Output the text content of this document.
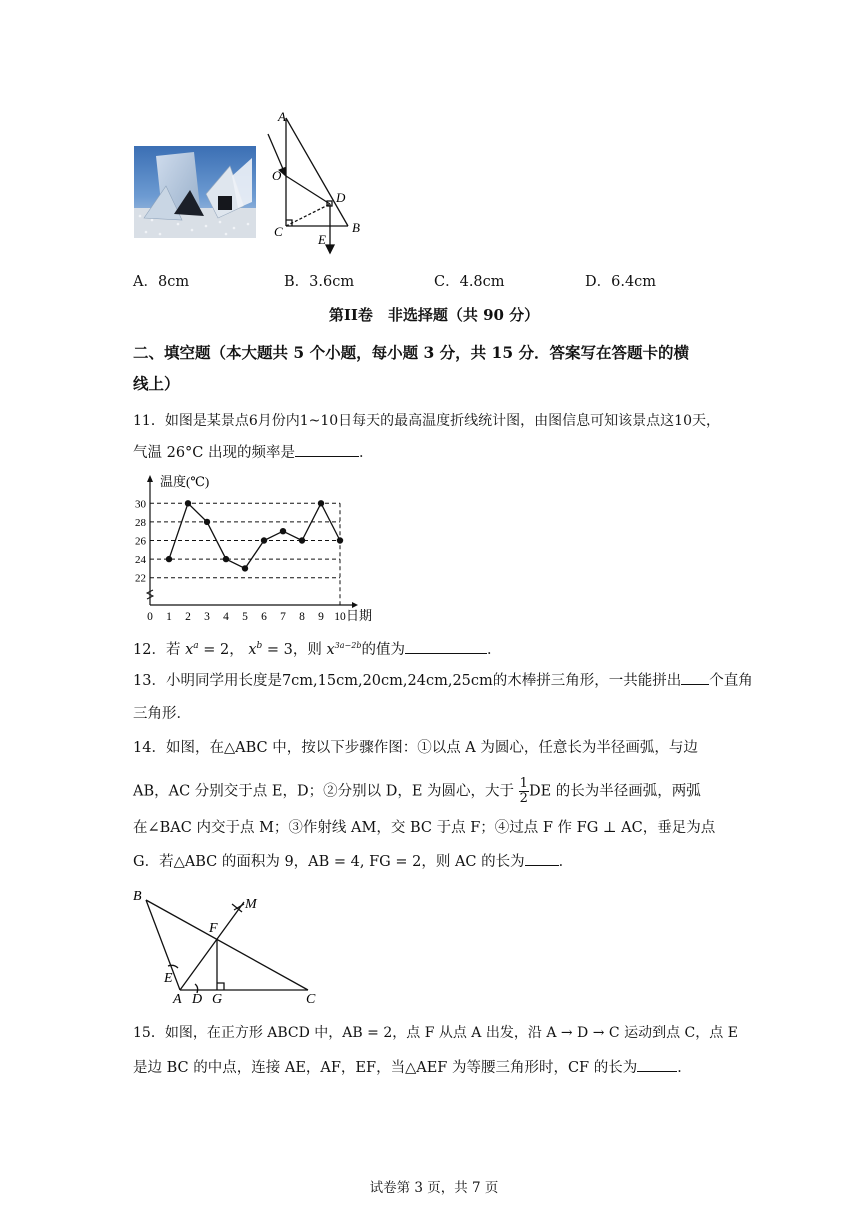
A
O
D
C
E
B
A．8cm	B．3.6cm	C．4.8cm	D．6.4cm
第II卷　非选择题（共 90 分）
二、填空题（本大题共 5 个小题，每小题 3 分，共 15 分．答案写在答题卡的横
线上）
11．如图是某景点6月份内1~10日每天的最高温度折线统计图，由图信息可知该景点这10天，
气温 26°C 出现的频率是	．
22
24
26
28
30
0 1 2 3 4 5 6 7 8 9 10
温度(℃)
日期
12．若 $x^a = 2$， $x^b = 3$，则 $x^{3a-2b}$的值为	．
13．小明同学用长度是7cm,15cm,20cm,24cm,25cm的木棒拼三角形，一共能拼出 个直角
三角形．
14．如图，在△ABC 中，按以下步骤作图：①以点 A 为圆心，任意长为半径画弧，与边
AB，AC 分别交于点 E，D；②分别以 D，E 为圆心，大于 $\frac{1}{2}$ DE 的长为半径画弧，两弧
在∠BAC 内交于点 M；③作射线 AM，交 BC 于点 F；④过点 F 作 FG ⊥ AC，垂足为点
G．若△ABC 的面积为 9，AB = 4, FG = 2，则 AC 的长为 ．
B
M
F
E
A D G	C
15．如图，在正方形 ABCD 中，AB = 2，点 F 从点 A 出发，沿 A → D → C 运动到点 C，点 E
是边 BC 的中点，连接 AE，AF，EF，当△AEF 为等腰三角形时，CF 的长为	．
试卷第 3 页，共 7 页
